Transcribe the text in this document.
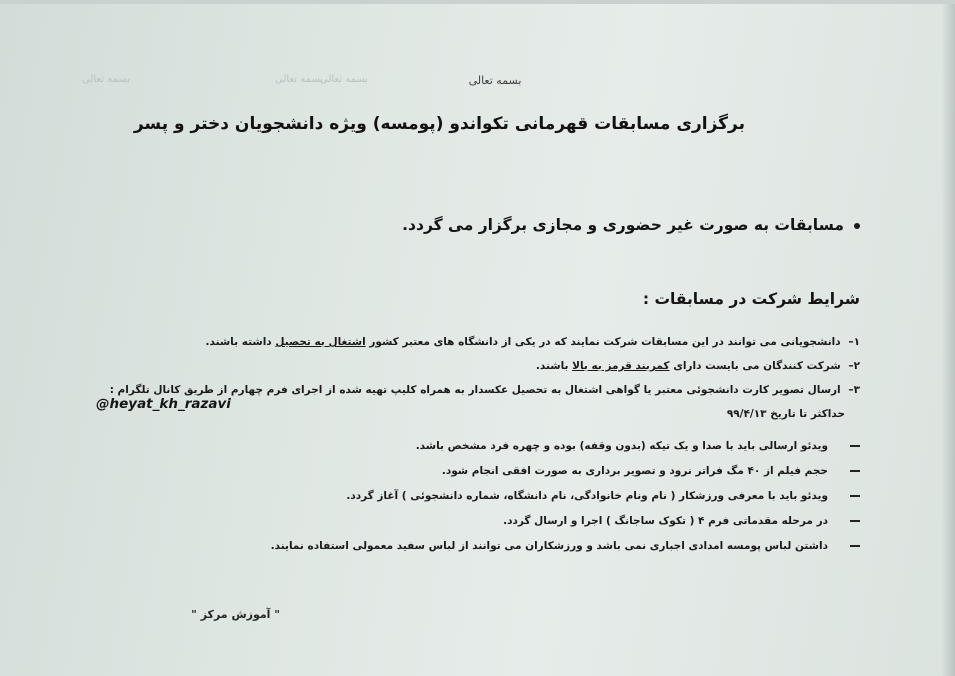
بسمه تعالی	بسمه تعالی
بسمه تعالی	بسمه تعالی
برگزاری مسابقات قهرمانی تکواندو (پومسه) ویژه دانشجویان دختر و پسر
مسابقات به صورت غیر حضوری و مجازی برگزار می گردد.
شرایط شرکت در مسابقات :
۱– دانشجویانی می توانند در این مسابقات شرکت نمایند که در یکی از دانشگاه های معتبر کشور اشتغال به تحصیل داشته باشند.
۲– شرکت کنندگان می بایست دارای کمربند قرمز به بالا باشند.
۳– ارسال تصویر کارت دانشجوئی معتبر یا گواهی اشتغال به تحصیل عکسدار به همراه کلیپ تهیه شده از اجرای فرم چهارم از طریق کانال تلگرام :
@heyat_kh_razavi
حداکثر تا تاریخ ۹۹/۴/۱۳
ویدئو ارسالی باید با صدا و یک تیکه (بدون وقفه) بوده و چهره فرد مشخص باشد.
حجم فیلم از ۴۰ مگ فراتر نرود و تصویر برداری به صورت افقی انجام شود.
ویدئو باید با معرفی ورزشکار ( نام ونام خانوادگی، نام دانشگاه، شماره دانشجوئی ) آغاز گردد.
در مرحله مقدماتی فرم ۴ ( تکوک ساجانگ ) اجرا و ارسال گردد.
داشتن لباس پومسه امدادی اجباری نمی باشد و ورزشکاران می توانند از لباس سفید معمولی استفاده نمایند.
" آموزش مرکز "
